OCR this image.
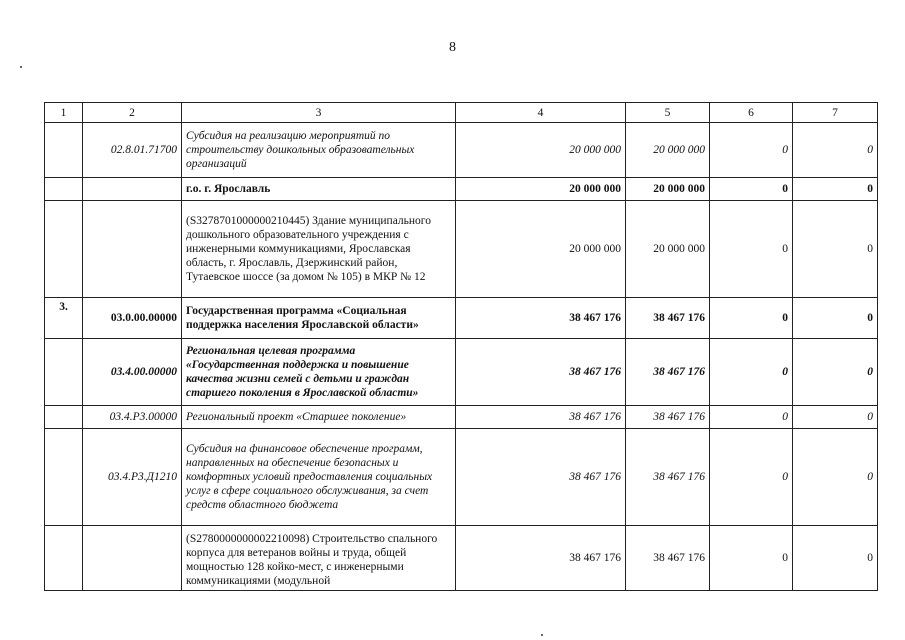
8
1	2	3	4	5	6	7
	02.8.01.71700	Субсидия на реализацию мероприятий по строительству дошкольных образовательных организаций	20 000 000	20 000 000	0	0
		г.о. г. Ярославль	20 000 000	20 000 000	0	0
		(S3278701000000210445) Здание муниципального дошкольного образовательного учреждения с инженерными коммуникациями, Ярославская область, г. Ярославль, Дзержинский район, Тутаевское шоссе (за домом № 105) в МКР № 12	20 000 000	20 000 000	0	0
3.	03.0.00.00000	Государственная программа «Социальная поддержка населения Ярославской области»	38 467 176	38 467 176	0	0
	03.4.00.00000	Региональная целевая программа «Государственная поддержка и повышение качества жизни семей с детьми и граждан старшего поколения в Ярославской области»	38 467 176	38 467 176	0	0
	03.4.P3.00000	Региональный проект «Старшее поколение»	38 467 176	38 467 176	0	0
	03.4.P3.Д1210	Субсидия на финансовое обеспечение программ, направленных на обеспечение безопасных и комфортных условий предоставления социальных услуг в сфере социального обслуживания, за счет средств областного бюджета	38 467 176	38 467 176	0	0
		(S2780000000002210098) Строительство спального корпуса для ветеранов войны и труда, общей мощностью 128 койко-мест, с инженерными коммуникациями (модульной	38 467 176	38 467 176	0	0
